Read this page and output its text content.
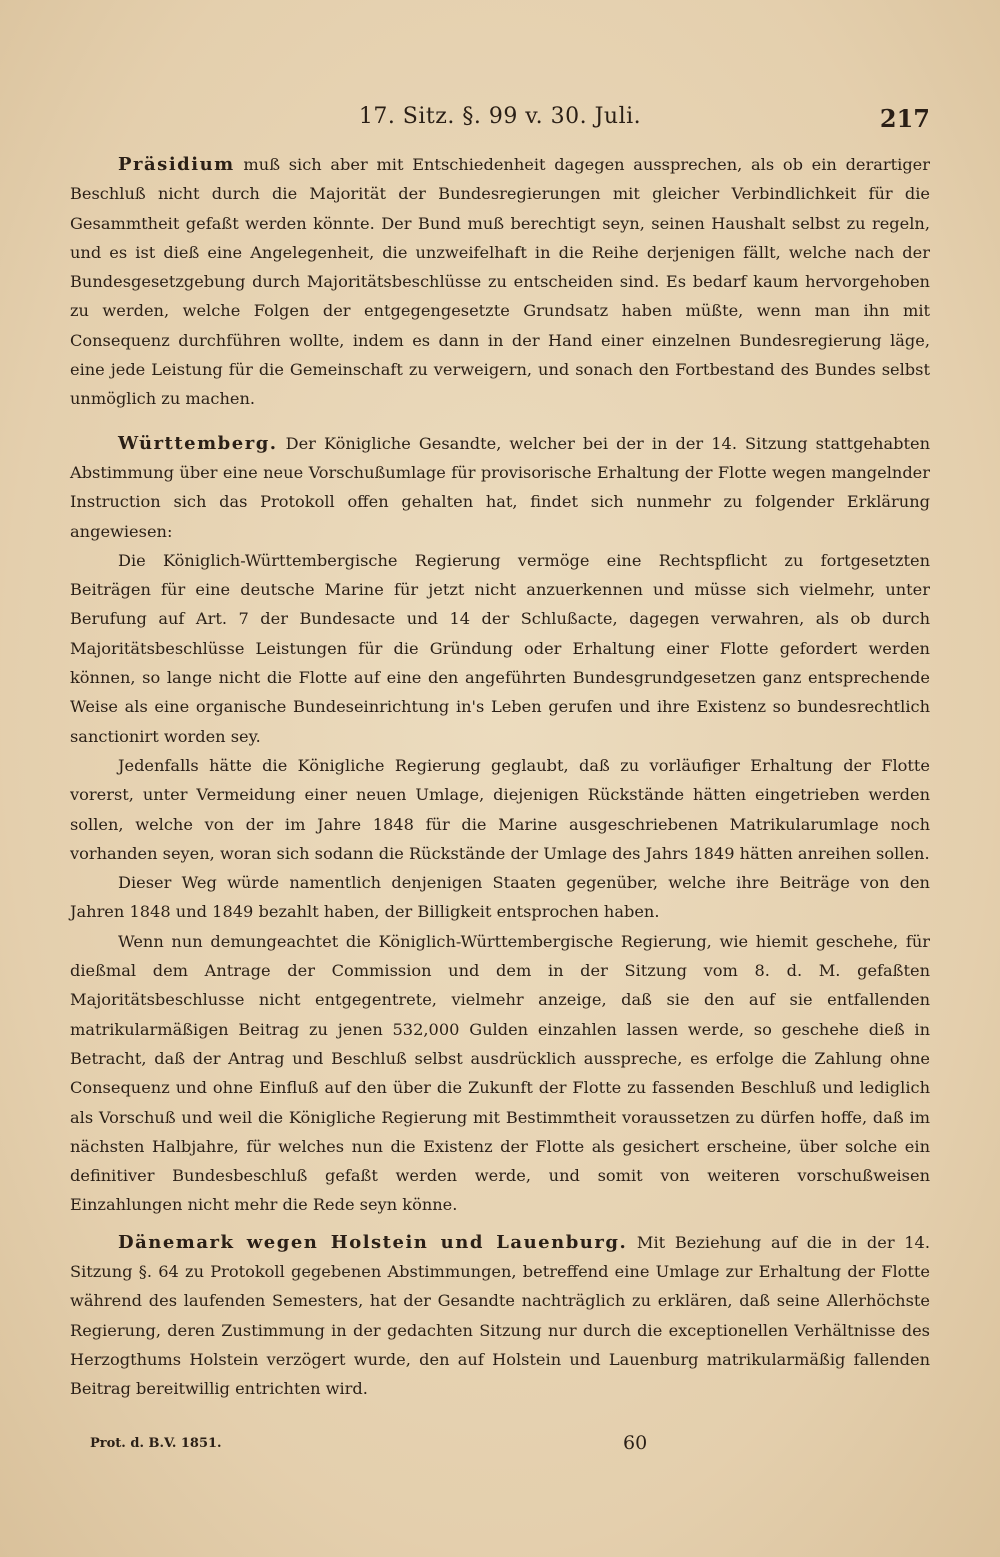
17. Sitz. §. 99 v. 30. Juli.	217

Präsidium muß sich aber mit Entschiedenheit dagegen aussprechen, als ob ein derartiger Beschluß nicht durch die Majorität der Bundesregierungen mit gleicher Verbindlichkeit für die Gesammtheit gefaßt werden könnte. Der Bund muß berechtigt seyn, seinen Haushalt selbst zu regeln, und es ist dieß eine Angelegenheit, die unzweifelhaft in die Reihe derjenigen fällt, welche nach der Bundesgesetzgebung durch Majoritätsbeschlüsse zu entscheiden sind. Es bedarf kaum hervorgehoben zu werden, welche Folgen der entgegengesetzte Grundsatz haben müßte, wenn man ihn mit Consequenz durchführen wollte, indem es dann in der Hand einer einzelnen Bundesregierung läge, eine jede Leistung für die Gemeinschaft zu verweigern, und sonach den Fortbestand des Bundes selbst unmöglich zu machen.

Württemberg. Der Königliche Gesandte, welcher bei der in der 14. Sitzung stattgehabten Abstimmung über eine neue Vorschußumlage für provisorische Erhaltung der Flotte wegen mangelnder Instruction sich das Protokoll offen gehalten hat, findet sich nunmehr zu folgender Erklärung angewiesen:

Die Königlich-Württembergische Regierung vermöge eine Rechtspflicht zu fortgesetzten Beiträgen für eine deutsche Marine für jetzt nicht anzuerkennen und müsse sich vielmehr, unter Berufung auf Art. 7 der Bundesacte und 14 der Schlußacte, dagegen verwahren, als ob durch Majoritätsbeschlüsse Leistungen für die Gründung oder Erhaltung einer Flotte gefordert werden können, so lange nicht die Flotte auf eine den angeführten Bundesgrundgesetzen ganz entsprechende Weise als eine organische Bundeseinrichtung in's Leben gerufen und ihre Existenz so bundesrechtlich sanctionirt worden sey.

Jedenfalls hätte die Königliche Regierung geglaubt, daß zu vorläufiger Erhaltung der Flotte vorerst, unter Vermeidung einer neuen Umlage, diejenigen Rückstände hätten eingetrieben werden sollen, welche von der im Jahre 1848 für die Marine ausgeschriebenen Matrikularumlage noch vorhanden seyen, woran sich sodann die Rückstände der Umlage des Jahrs 1849 hätten anreihen sollen.

Dieser Weg würde namentlich denjenigen Staaten gegenüber, welche ihre Beiträge von den Jahren 1848 und 1849 bezahlt haben, der Billigkeit entsprochen haben.

Wenn nun demungeachtet die Königlich-Württembergische Regierung, wie hiemit geschehe, für dießmal dem Antrage der Commission und dem in der Sitzung vom 8. d. M. gefaßten Majoritätsbeschlusse nicht entgegentrete, vielmehr anzeige, daß sie den auf sie entfallenden matrikularmäßigen Beitrag zu jenen 532,000 Gulden einzahlen lassen werde, so geschehe dieß in Betracht, daß der Antrag und Beschluß selbst ausdrücklich ausspreche, es erfolge die Zahlung ohne Consequenz und ohne Einfluß auf den über die Zukunft der Flotte zu fassenden Beschluß und lediglich als Vorschuß und weil die Königliche Regierung mit Bestimmtheit voraussetzen zu dürfen hoffe, daß im nächsten Halbjahre, für welches nun die Existenz der Flotte als gesichert erscheine, über solche ein definitiver Bundesbeschluß gefaßt werden werde, und somit von weiteren vorschußweisen Einzahlungen nicht mehr die Rede seyn könne.

Dänemark wegen Holstein und Lauenburg. Mit Beziehung auf die in der 14. Sitzung §. 64 zu Protokoll gegebenen Abstimmungen, betreffend eine Umlage zur Erhaltung der Flotte während des laufenden Semesters, hat der Gesandte nachträglich zu erklären, daß seine Allerhöchste Regierung, deren Zustimmung in der gedachten Sitzung nur durch die exceptionellen Verhältnisse des Herzogthums Holstein verzögert wurde, den auf Holstein und Lauenburg matrikularmäßig fallenden Beitrag bereitwillig entrichten wird.

Prot. d. B.V. 1851.	60
